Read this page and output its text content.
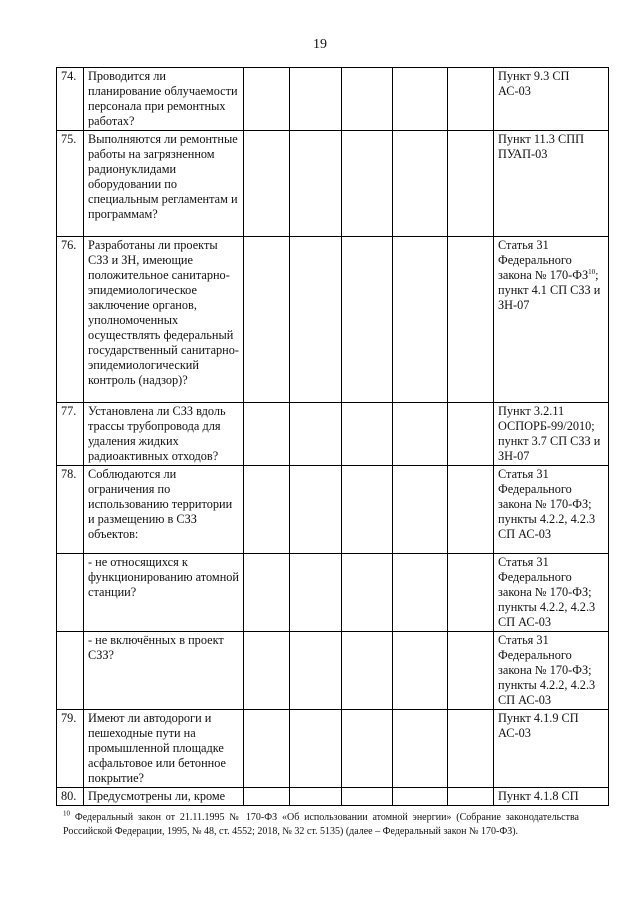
19
74.	Проводится ли планирование облучаемости персонала при ремонтных работах?						Пункт 9.3 СП АС-03
75.	Выполняются ли ремонтные работы на загрязненном радионуклидами оборудовании по специальным регламентам и программам?						Пункт 11.3 СПП ПУАП-03
76.	Разработаны ли проекты СЗЗ и ЗН, имеющие положительное санитарно-эпидемиологическое заключение органов, уполномоченных осуществлять федеральный государственный санитарно-эпидемиологический контроль (надзор)?						Статья 31 Федерального закона № 170-ФЗ$^{10}$; пункт 4.1 СП СЗЗ и ЗН-07
77.	Установлена ли СЗЗ вдоль трассы трубопровода для удаления жидких радиоактивных отходов?						Пункт 3.2.11 ОСПОРБ-99/2010; пункт 3.7 СП СЗЗ и ЗН-07
78.	Соблюдаются ли ограничения по использованию территории и размещению в СЗЗ объектов:						Статья 31 Федерального закона № 170-ФЗ; пункты 4.2.2, 4.2.3 СП АС-03
	- не относящихся к функционированию атомной станции?						Статья 31 Федерального закона № 170-ФЗ; пункты 4.2.2, 4.2.3 СП АС-03
	- не включённых в проект СЗЗ?						Статья 31 Федерального закона № 170-ФЗ; пункты 4.2.2, 4.2.3 СП АС-03
79.	Имеют ли автодороги и пешеходные пути на промышленной площадке асфальтовое или бетонное покрытие?						Пункт 4.1.9 СП АС-03
80.	Предусмотрены ли, кроме						Пункт 4.1.8 СП
$^{10}$ Федеральный закон от 21.11.1995 № 170-ФЗ «Об использовании атомной энергии» (Собрание законодательства Российской Федерации, 1995, № 48, ст. 4552; 2018, № 32 ст. 5135) (далее – Федеральный закон № 170-ФЗ).
